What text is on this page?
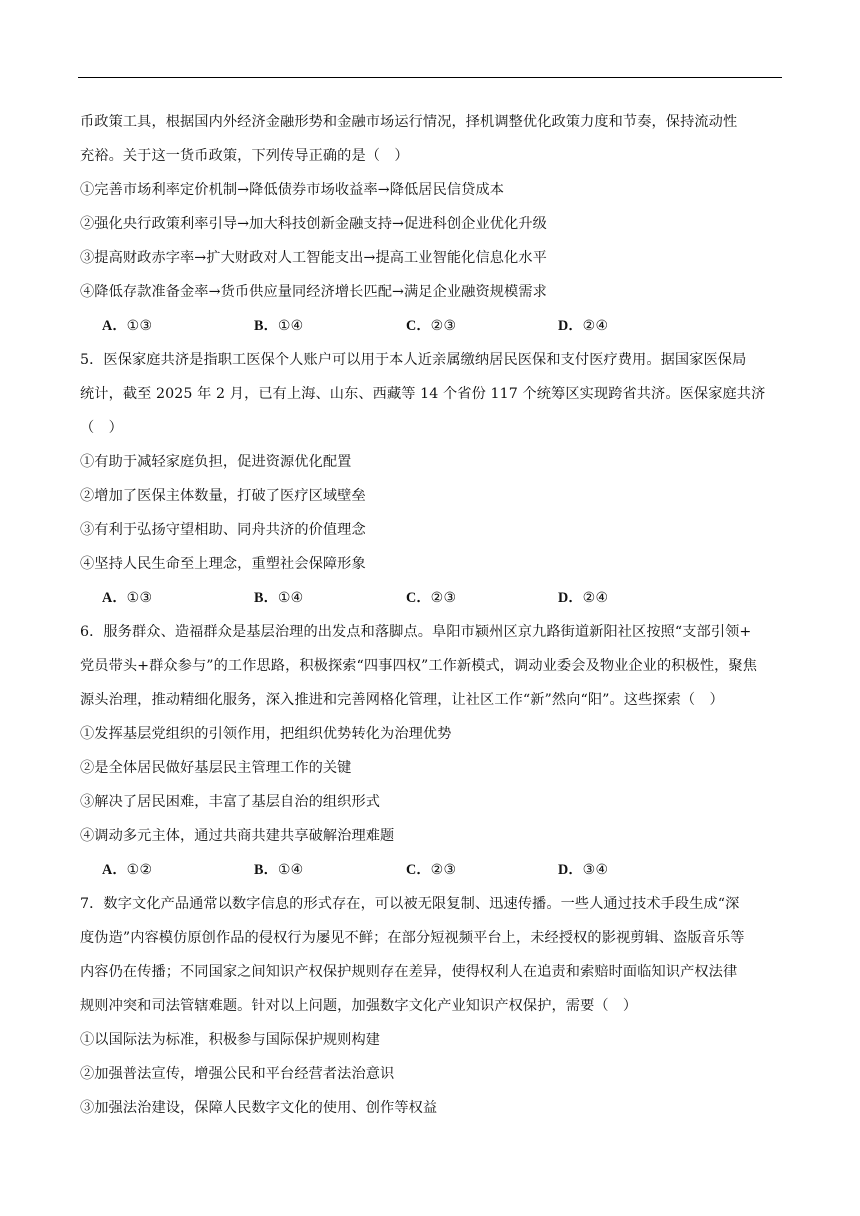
币政策工具，根据国内外经济金融形势和金融市场运行情况，择机调整优化政策力度和节奏，保持流动性
充裕。关于这一货币政策，下列传导正确的是（　）
①完善市场利率定价机制→降低债券市场收益率→降低居民信贷成本
②强化央行政策利率引导→加大科技创新金融支持→促进科创企业优化升级
③提高财政赤字率→扩大财政对人工智能支出→提高工业智能化信息化水平
④降低存款准备金率→货币供应量同经济增长匹配→满足企业融资规模需求
A．①③	B．①④	C．②③	D．②④
5．医保家庭共济是指职工医保个人账户可以用于本人近亲属缴纳居民医保和支付医疗费用。据国家医保局
统计，截至 2025 年 2 月，已有上海、山东、西藏等 14 个省份 117 个统筹区实现跨省共济。医保家庭共济
（　）
①有助于减轻家庭负担，促进资源优化配置
②增加了医保主体数量，打破了医疗区域壁垒
③有利于弘扬守望相助、同舟共济的价值理念
④坚持人民生命至上理念，重塑社会保障形象
A．①③	B．①④	C．②③	D．②④
6．服务群众、造福群众是基层治理的出发点和落脚点。阜阳市颍州区京九路街道新阳社区按照“支部引领+
党员带头+群众参与”的工作思路，积极探索“四事四权”工作新模式，调动业委会及物业企业的积极性，聚焦
源头治理，推动精细化服务，深入推进和完善网格化管理，让社区工作“新”然向“阳”。这些探索（　）
①发挥基层党组织的引领作用，把组织优势转化为治理优势
②是全体居民做好基层民主管理工作的关键
③解决了居民困难，丰富了基层自治的组织形式
④调动多元主体，通过共商共建共享破解治理难题
A．①②	B．①④	C．②③	D．③④
7．数字文化产品通常以数字信息的形式存在，可以被无限复制、迅速传播。一些人通过技术手段生成“深
度伪造”内容模仿原创作品的侵权行为屡见不鲜；在部分短视频平台上，未经授权的影视剪辑、盗版音乐等
内容仍在传播；不同国家之间知识产权保护规则存在差异，使得权利人在追责和索赔时面临知识产权法律
规则冲突和司法管辖难题。针对以上问题，加强数字文化产业知识产权保护，需要（　）
①以国际法为标准，积极参与国际保护规则构建
②加强普法宣传，增强公民和平台经营者法治意识
③加强法治建设，保障人民数字文化的使用、创作等权益
